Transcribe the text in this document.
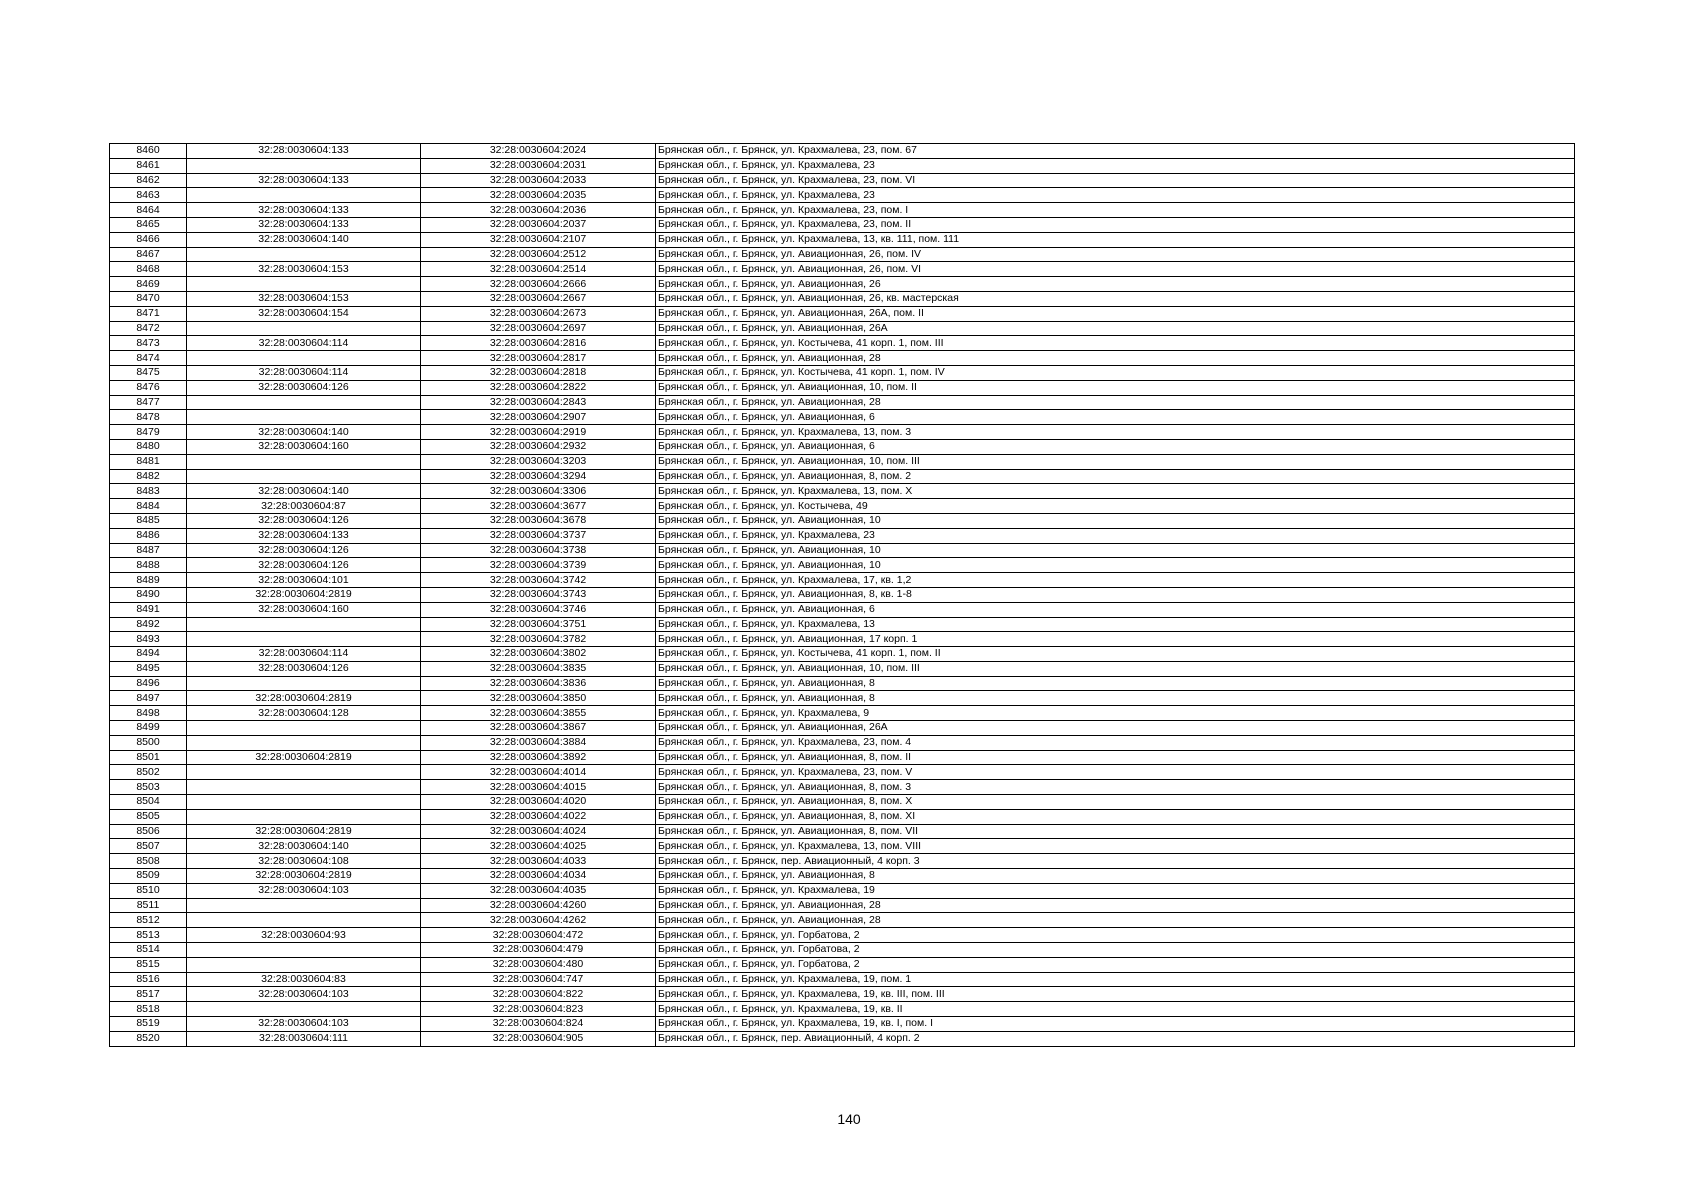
8460	32:28:0030604:133	32:28:0030604:2024	Брянская обл., г. Брянск, ул. Крахмалева, 23, пом. 67
8461		32:28:0030604:2031	Брянская обл., г. Брянск, ул. Крахмалева, 23
8462	32:28:0030604:133	32:28:0030604:2033	Брянская обл., г. Брянск, ул. Крахмалева, 23, пом. VI
8463		32:28:0030604:2035	Брянская обл., г. Брянск, ул. Крахмалева, 23
8464	32:28:0030604:133	32:28:0030604:2036	Брянская обл., г. Брянск, ул. Крахмалева, 23, пом. I
8465	32:28:0030604:133	32:28:0030604:2037	Брянская обл., г. Брянск, ул. Крахмалева, 23, пом. II
8466	32:28:0030604:140	32:28:0030604:2107	Брянская обл., г. Брянск, ул. Крахмалева, 13, кв. 111, пом. 111
8467		32:28:0030604:2512	Брянская обл., г. Брянск, ул. Авиационная, 26, пом. IV
8468	32:28:0030604:153	32:28:0030604:2514	Брянская обл., г. Брянск, ул. Авиационная, 26, пом. VI
8469		32:28:0030604:2666	Брянская обл., г. Брянск, ул. Авиационная, 26
8470	32:28:0030604:153	32:28:0030604:2667	Брянская обл., г. Брянск, ул. Авиационная, 26, кв. мастерская
8471	32:28:0030604:154	32:28:0030604:2673	Брянская обл., г. Брянск, ул. Авиационная, 26А, пом. II
8472		32:28:0030604:2697	Брянская обл., г. Брянск, ул. Авиационная, 26А
8473	32:28:0030604:114	32:28:0030604:2816	Брянская обл., г. Брянск, ул. Костычева, 41 корп. 1, пом. III
8474		32:28:0030604:2817	Брянская обл., г. Брянск, ул. Авиационная, 28
8475	32:28:0030604:114	32:28:0030604:2818	Брянская обл., г. Брянск, ул. Костычева, 41 корп. 1, пом. IV
8476	32:28:0030604:126	32:28:0030604:2822	Брянская обл., г. Брянск, ул. Авиационная, 10, пом. II
8477		32:28:0030604:2843	Брянская обл., г. Брянск, ул. Авиационная, 28
8478		32:28:0030604:2907	Брянская обл., г. Брянск, ул. Авиационная, 6
8479	32:28:0030604:140	32:28:0030604:2919	Брянская обл., г. Брянск, ул. Крахмалева, 13, пом. 3
8480	32:28:0030604:160	32:28:0030604:2932	Брянская обл., г. Брянск, ул. Авиационная, 6
8481		32:28:0030604:3203	Брянская обл., г. Брянск, ул. Авиационная, 10, пом. III
8482		32:28:0030604:3294	Брянская обл., г. Брянск, ул. Авиационная, 8, пом. 2
8483	32:28:0030604:140	32:28:0030604:3306	Брянская обл., г. Брянск, ул. Крахмалева, 13, пом. X
8484	32:28:0030604:87	32:28:0030604:3677	Брянская обл., г. Брянск, ул. Костычева, 49
8485	32:28:0030604:126	32:28:0030604:3678	Брянская обл., г. Брянск, ул. Авиационная, 10
8486	32:28:0030604:133	32:28:0030604:3737	Брянская обл., г. Брянск, ул. Крахмалева, 23
8487	32:28:0030604:126	32:28:0030604:3738	Брянская обл., г. Брянск, ул. Авиационная, 10
8488	32:28:0030604:126	32:28:0030604:3739	Брянская обл., г. Брянск, ул. Авиационная, 10
8489	32:28:0030604:101	32:28:0030604:3742	Брянская обл., г. Брянск, ул. Крахмалева, 17, кв. 1,2
8490	32:28:0030604:2819	32:28:0030604:3743	Брянская обл., г. Брянск, ул. Авиационная, 8, кв. 1-8
8491	32:28:0030604:160	32:28:0030604:3746	Брянская обл., г. Брянск, ул. Авиационная, 6
8492		32:28:0030604:3751	Брянская обл., г. Брянск, ул. Крахмалева, 13
8493		32:28:0030604:3782	Брянская обл., г. Брянск, ул. Авиационная, 17 корп. 1
8494	32:28:0030604:114	32:28:0030604:3802	Брянская обл., г. Брянск, ул. Костычева, 41 корп. 1, пом. II
8495	32:28:0030604:126	32:28:0030604:3835	Брянская обл., г. Брянск, ул. Авиационная, 10, пом. III
8496		32:28:0030604:3836	Брянская обл., г. Брянск, ул. Авиационная, 8
8497	32:28:0030604:2819	32:28:0030604:3850	Брянская обл., г. Брянск, ул. Авиационная, 8
8498	32:28:0030604:128	32:28:0030604:3855	Брянская обл., г. Брянск, ул. Крахмалева, 9
8499		32:28:0030604:3867	Брянская обл., г. Брянск, ул. Авиационная, 26А
8500		32:28:0030604:3884	Брянская обл., г. Брянск, ул. Крахмалева, 23, пом. 4
8501	32:28:0030604:2819	32:28:0030604:3892	Брянская обл., г. Брянск, ул. Авиационная, 8, пом. II
8502		32:28:0030604:4014	Брянская обл., г. Брянск, ул. Крахмалева, 23, пом. V
8503		32:28:0030604:4015	Брянская обл., г. Брянск, ул. Авиационная, 8, пом. 3
8504		32:28:0030604:4020	Брянская обл., г. Брянск, ул. Авиационная, 8, пом. X
8505		32:28:0030604:4022	Брянская обл., г. Брянск, ул. Авиационная, 8, пом. XI
8506	32:28:0030604:2819	32:28:0030604:4024	Брянская обл., г. Брянск, ул. Авиационная, 8, пом. VII
8507	32:28:0030604:140	32:28:0030604:4025	Брянская обл., г. Брянск, ул. Крахмалева, 13, пом. VIII
8508	32:28:0030604:108	32:28:0030604:4033	Брянская обл., г. Брянск, пер. Авиационный, 4 корп. 3
8509	32:28:0030604:2819	32:28:0030604:4034	Брянская обл., г. Брянск, ул. Авиационная, 8
8510	32:28:0030604:103	32:28:0030604:4035	Брянская обл., г. Брянск, ул. Крахмалева, 19
8511		32:28:0030604:4260	Брянская обл., г. Брянск, ул. Авиационная, 28
8512		32:28:0030604:4262	Брянская обл., г. Брянск, ул. Авиационная, 28
8513	32:28:0030604:93	32:28:0030604:472	Брянская обл., г. Брянск, ул. Горбатова, 2
8514		32:28:0030604:479	Брянская обл., г. Брянск, ул. Горбатова, 2
8515		32:28:0030604:480	Брянская обл., г. Брянск, ул. Горбатова, 2
8516	32:28:0030604:83	32:28:0030604:747	Брянская обл., г. Брянск, ул. Крахмалева, 19, пом. 1
8517	32:28:0030604:103	32:28:0030604:822	Брянская обл., г. Брянск, ул. Крахмалева, 19, кв. III, пом. III
8518		32:28:0030604:823	Брянская обл., г. Брянск, ул. Крахмалева, 19, кв. II
8519	32:28:0030604:103	32:28:0030604:824	Брянская обл., г. Брянск, ул. Крахмалева, 19, кв. I, пом. I
8520	32:28:0030604:111	32:28:0030604:905	Брянская обл., г. Брянск, пер. Авиационный, 4 корп. 2
140
